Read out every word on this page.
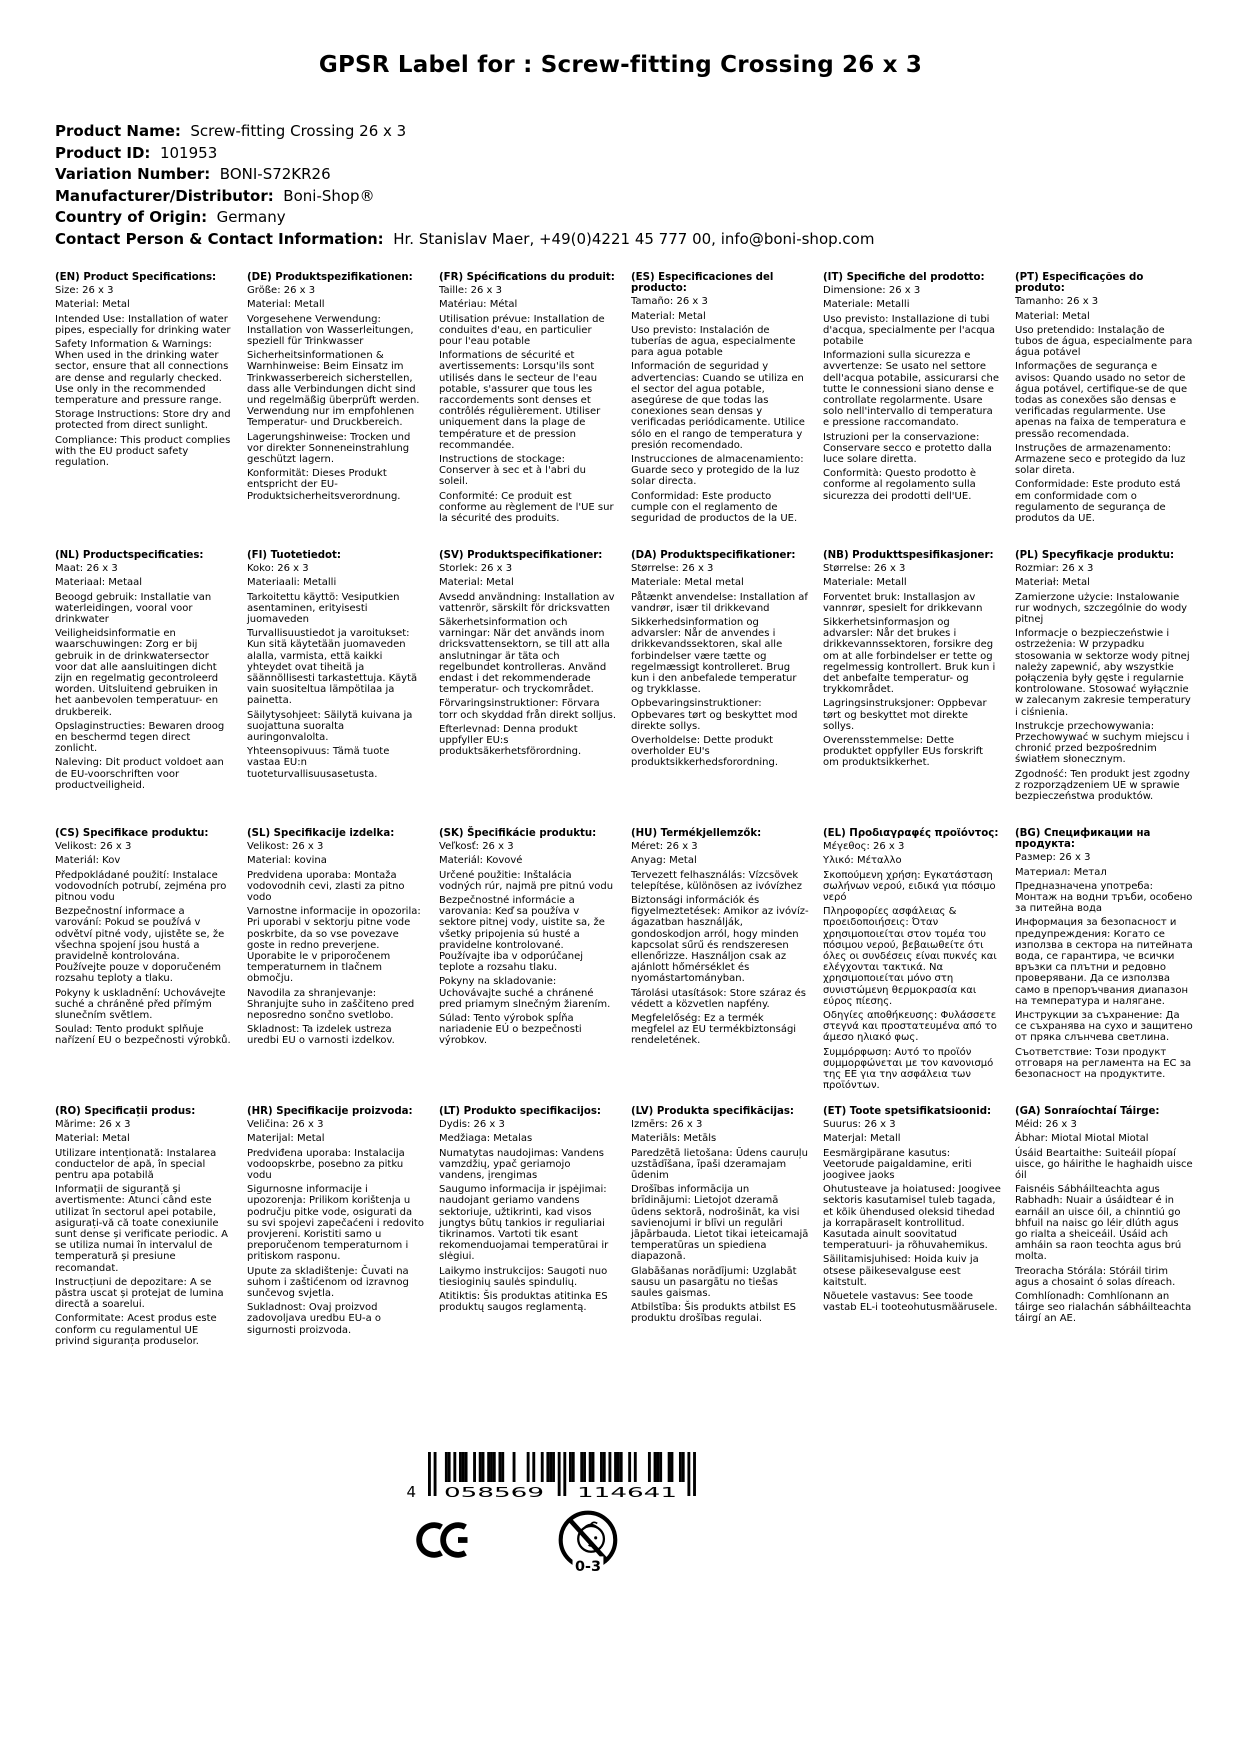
GPSR Label for : Screw-fitting Crossing 26 x 3
Product Name:  Screw-fitting Crossing 26 x 3
Product ID:  101953
Variation Number:  BONI-S72KR26
Manufacturer/Distributor:  Boni-Shop®
Country of Origin:  Germany
Contact Person & Contact Information:  Hr. Stanislav Maer, +49(0)4221 45 777 00, info@boni-shop.com
(EN) Product Specifications:
Size: 26 x 3
Material: Metal
Intended Use: Installation of water pipes, especially for drinking water
Safety Information & Warnings: When used in the drinking water sector, ensure that all connections are dense and regularly checked. Use only in the recommended temperature and pressure range.
Storage Instructions: Store dry and protected from direct sunlight.
Compliance: This product complies with the EU product safety regulation.
(DE) Produktspezifikationen:
Größe: 26 x 3
Material: Metall
Vorgesehene Verwendung: Installation von Wasserleitungen, speziell für Trinkwasser
Sicherheitsinformationen & Warnhinweise: Beim Einsatz im Trinkwasserbereich sicherstellen, dass alle Verbindungen dicht sind und regelmäßig überprüft werden. Verwendung nur im empfohlenen Temperatur- und Druckbereich.
Lagerungshinweise: Trocken und vor direkter Sonneneinstrahlung geschützt lagern.
Konformität: Dieses Produkt entspricht der EU-Produktsicherheitsverordnung.
(FR) Spécifications du produit:
Taille: 26 x 3
Matériau: Métal
Utilisation prévue: Installation de conduites d'eau, en particulier pour l'eau potable
Informations de sécurité et avertissements: Lorsqu'ils sont utilisés dans le secteur de l'eau potable, s'assurer que tous les raccordements sont denses et contrôlés régulièrement. Utiliser uniquement dans la plage de température et de pression recommandée.
Instructions de stockage: Conserver à sec et à l'abri du soleil.
Conformité: Ce produit est conforme au règlement de l'UE sur la sécurité des produits.
(ES) Especificaciones del producto:
Tamaño: 26 x 3
Material: Metal
Uso previsto: Instalación de tuberías de agua, especialmente para agua potable
Información de seguridad y advertencias: Cuando se utiliza en el sector del agua potable, asegúrese de que todas las conexiones sean densas y verificadas periódicamente. Utilice sólo en el rango de temperatura y presión recomendado.
Instrucciones de almacenamiento: Guarde seco y protegido de la luz solar directa.
Conformidad: Este producto cumple con el reglamento de seguridad de productos de la UE.
(IT) Specifiche del prodotto:
Dimensione: 26 x 3
Materiale: Metalli
Uso previsto: Installazione di tubi d'acqua, specialmente per l'acqua potabile
Informazioni sulla sicurezza e avvertenze: Se usato nel settore dell'acqua potabile, assicurarsi che tutte le connessioni siano dense e controllate regolarmente. Usare solo nell'intervallo di temperatura e pressione raccomandato.
Istruzioni per la conservazione: Conservare secco e protetto dalla luce solare diretta.
Conformità: Questo prodotto è conforme al regolamento sulla sicurezza dei prodotti dell'UE.
(PT) Especificações do produto:
Tamanho: 26 x 3
Material: Metal
Uso pretendido: Instalação de tubos de água, especialmente para água potável
Informações de segurança e avisos: Quando usado no setor de água potável, certifique-se de que todas as conexões são densas e verificadas regularmente. Use apenas na faixa de temperatura e pressão recomendada.
Instruções de armazenamento: Armazene seco e protegido da luz solar direta.
Conformidade: Este produto está em conformidade com o regulamento de segurança de produtos da UE.
(NL) Productspecificaties:
Maat: 26 x 3
Materiaal: Metaal
Beoogd gebruik: Installatie van waterleidingen, vooral voor drinkwater
Veiligheidsinformatie en waarschuwingen: Zorg er bij gebruik in de drinkwatersector voor dat alle aansluitingen dicht zijn en regelmatig gecontroleerd worden. Uitsluitend gebruiken in het aanbevolen temperatuur- en drukbereik.
Opslaginstructies: Bewaren droog en beschermd tegen direct zonlicht.
Naleving: Dit product voldoet aan de EU-voorschriften voor productveiligheid.
(FI) Tuotetiedot:
Koko: 26 x 3
Materiaali: Metalli
Tarkoitettu käyttö: Vesiputkien asentaminen, erityisesti juomaveden
Turvallisuustiedot ja varoitukset: Kun sitä käytetään juomaveden alalla, varmista, että kaikki yhteydet ovat tiheitä ja säännöllisesti tarkastettuja. Käytä vain suositeltua lämpötilaa ja painetta.
Säilytysohjeet: Säilytä kuivana ja suojattuna suoralta auringonvalolta.
Yhteensopivuus: Tämä tuote vastaa EU:n tuoteturvallisuusasetusta.
(SV) Produktspecifikationer:
Storlek: 26 x 3
Material: Metal
Avsedd användning: Installation av vattenrör, särskilt för dricksvatten
Säkerhetsinformation och varningar: När det används inom dricksvattensektorn, se till att alla anslutningar är täta och regelbundet kontrolleras. Använd endast i det rekommenderade temperatur- och tryckområdet.
Förvaringsinstruktioner: Förvara torr och skyddad från direkt solljus.
Efterlevnad: Denna produkt uppfyller EU:s produktsäkerhetsförordning.
(DA) Produktspecifikationer:
Størrelse: 26 x 3
Materiale: Metal metal
Påtænkt anvendelse: Installation af vandrør, især til drikkevand
Sikkerhedsinformation og advarsler: Når de anvendes i drikkevandssektoren, skal alle forbindelser være tætte og regelmæssigt kontrolleret. Brug kun i den anbefalede temperatur og trykklasse.
Opbevaringsinstruktioner: Opbevares tørt og beskyttet mod direkte sollys.
Overholdelse: Dette produkt overholder EU's produktsikkerhedsforordning.
(NB) Produkttspesifikasjoner:
Størrelse: 26 x 3
Materiale: Metall
Forventet bruk: Installasjon av vannrør, spesielt for drikkevann
Sikkerhetsinformasjon og advarsler: Når det brukes i drikkevannssektoren, forsikre deg om at alle forbindelser er tette og regelmessig kontrollert. Bruk kun i det anbefalte temperatur- og trykkområdet.
Lagringsinstruksjoner: Oppbevar tørt og beskyttet mot direkte sollys.
Overensstemmelse: Dette produktet oppfyller EUs forskrift om produktsikkerhet.
(PL) Specyfikacje produktu:
Rozmiar: 26 x 3
Materiał: Metal
Zamierzone użycie: Instalowanie rur wodnych, szczególnie do wody pitnej
Informacje o bezpieczeństwie i ostrzeżenia: W przypadku stosowania w sektorze wody pitnej należy zapewnić, aby wszystkie połączenia były gęste i regularnie kontrolowane. Stosować wyłącznie w zalecanym zakresie temperatury i ciśnienia.
Instrukcje przechowywania: Przechowywać w suchym miejscu i chronić przed bezpośrednim światłem słonecznym.
Zgodność: Ten produkt jest zgodny z rozporządzeniem UE w sprawie bezpieczeństwa produktów.
(CS) Specifikace produktu:
Velikost: 26 x 3
Materiál: Kov
Předpokládané použití: Instalace vodovodních potrubí, zejména pro pitnou vodu
Bezpečnostní informace a varování: Pokud se používá v odvětví pitné vody, ujistěte se, že všechna spojení jsou hustá a pravidelně kontrolována. Používejte pouze v doporučeném rozsahu teploty a tlaku.
Pokyny k uskladnění: Uchovávejte suché a chráněné před přímým slunečním světlem.
Soulad: Tento produkt splňuje nařízení EU o bezpečnosti výrobků.
(SL) Specifikacije izdelka:
Velikost: 26 x 3
Material: kovina
Predvidena uporaba: Montaža vodovodnih cevi, zlasti za pitno vodo
Varnostne informacije in opozorila: Pri uporabi v sektorju pitne vode poskrbite, da so vse povezave goste in redno preverjene. Uporabite le v priporočenem temperaturnem in tlačnem območju.
Navodila za shranjevanje: Shranjujte suho in zaščiteno pred neposredno sončno svetlobo.
Skladnost: Ta izdelek ustreza uredbi EU o varnosti izdelkov.
(SK) Špecifikácie produktu:
Veľkosť: 26 x 3
Materiál: Kovové
Určené použitie: Inštalácia vodných rúr, najmä pre pitnú vodu
Bezpečnostné informácie a varovania: Keď sa používa v sektore pitnej vody, uistite sa, že všetky pripojenia sú husté a pravidelne kontrolované. Používajte iba v odporúčanej teplote a rozsahu tlaku.
Pokyny na skladovanie: Uchovávajte suché a chránené pred priamym slnečným žiarením.
Súlad: Tento výrobok spĺňa nariadenie EÚ o bezpečnosti výrobkov.
(HU) Termékjellemzők:
Méret: 26 x 3
Anyag: Metal
Tervezett felhasználás: Vízcsövek telepítése, különösen az ivóvízhez
Biztonsági információk és figyelmeztetések: Amikor az ivóvíz-ágazatban használják, gondoskodjon arról, hogy minden kapcsolat sűrű és rendszeresen ellenőrizze. Használjon csak az ajánlott hőmérséklet és nyomástartományban.
Tárolási utasítások: Store száraz és védett a közvetlen napfény.
Megfelelőség: Ez a termék megfelel az EU termékbiztonsági rendeletének.
(EL) Προδιαγραφές προϊόντος:
Μέγεθος: 26 x 3
Υλικό: Μέταλλο
Σκοπούμενη χρήση: Εγκατάσταση σωλήνων νερού, ειδικά για πόσιμο νερό
Πληροφορίες ασφάλειας & προειδοποιήσεις: Όταν χρησιμοποιείται στον τομέα του πόσιμου νερού, βεβαιωθείτε ότι όλες οι συνδέσεις είναι πυκνές και ελέγχονται τακτικά. Να χρησιμοποιείται μόνο στη συνιστώμενη θερμοκρασία και εύρος πίεσης.
Οδηγίες αποθήκευσης: Φυλάσσετε στεγνά και προστατευμένα από το άμεσο ηλιακό φως.
Συμμόρφωση: Αυτό το προϊόν συμμορφώνεται με τον κανονισμό της ΕΕ για την ασφάλεια των προϊόντων.
(BG) Спецификации на продукта:
Размер: 26 x 3
Материал: Метал
Предназначена употреба: Монтаж на водни тръби, особено за питейна вода
Информация за безопасност и предупреждения: Когато се използва в сектора на питейната вода, се гарантира, че всички връзки са плътни и редовно проверявани. Да се използва само в препоръчвания диапазон на температура и налягане.
Инструкции за съхранение: Да се съхранява на сухо и защитено от пряка слънчева светлина.
Съответствие: Този продукт отговаря на регламента на ЕС за безопасност на продуктите.
(RO) Specificații produs:
Mărime: 26 x 3
Material: Metal
Utilizare intenționată: Instalarea conductelor de apă, în special pentru apa potabilă
Informații de siguranță și avertismente: Atunci când este utilizat în sectorul apei potabile, asigurați-vă că toate conexiunile sunt dense și verificate periodic. A se utiliza numai în intervalul de temperatură și presiune recomandat.
Instrucțiuni de depozitare: A se păstra uscat și protejat de lumina directă a soarelui.
Conformitate: Acest produs este conform cu regulamentul UE privind siguranța produselor.
(HR) Specifikacije proizvoda:
Veličina: 26 x 3
Materijal: Metal
Predviđena uporaba: Instalacija vodoopskrbe, posebno za pitku vodu
Sigurnosne informacije i upozorenja: Prilikom korištenja u području pitke vode, osigurati da su svi spojevi zapečaćeni i redovito provjereni. Koristiti samo u preporučenom temperaturnom i pritiskom rasponu.
Upute za skladištenje: Čuvati na suhom i zaštićenom od izravnog sunčevog svjetla.
Sukladnost: Ovaj proizvod zadovoljava uredbu EU-a o sigurnosti proizvoda.
(LT) Produkto specifikacijos:
Dydis: 26 x 3
Medžiaga: Metalas
Numatytas naudojimas: Vandens vamzdžių, ypač geriamojo vandens, įrengimas
Saugumo informacija ir įspėjimai: naudojant geriamo vandens sektoriuje, užtikrinti, kad visos jungtys būtų tankios ir reguliariai tikrinamos. Vartoti tik esant rekomenduojamai temperatūrai ir slėgiui.
Laikymo instrukcijos: Saugoti nuo tiesioginių saulės spindulių.
Atitiktis: Šis produktas atitinka ES produktų saugos reglamentą.
(LV) Produkta specifikācijas:
Izmērs: 26 x 3
Materiāls: Metāls
Paredzētā lietošana: Ūdens cauruļu uzstādīšana, īpaši dzeramajam ūdenim
Drošības informācija un brīdinājumi: Lietojot dzeramā ūdens sektorā, nodrošināt, ka visi savienojumi ir blīvi un regulāri jāpārbauda. Lietot tikai ieteicamajā temperatūras un spiediena diapazonā.
Glabāšanas norādījumi: Uzglabāt sausu un pasargātu no tiešas saules gaismas.
Atbilstība: Šis produkts atbilst ES produktu drošības regulai.
(ET) Toote spetsifikatsioonid:
Suurus: 26 x 3
Materjal: Metall
Eesmärgipärane kasutus: Veetorude paigaldamine, eriti joogivee jaoks
Ohutusteave ja hoiatused: Joogivee sektoris kasutamisel tuleb tagada, et kõik ühendused oleksid tihedad ja korrapäraselt kontrollitud. Kasutada ainult soovitatud temperatuuri- ja rõhuvahemikus.
Säilitamisjuhised: Hoida kuiv ja otsese päikesevalguse eest kaitstult.
Nõuetele vastavus: See toode vastab EL-i tooteohutusmäärusele.
(GA) Sonraíochtaí Táirge:
Méid: 26 x 3
Ábhar: Miotal Miotal Miotal
Úsáid Beartaithe: Suiteáil píopaí uisce, go háirithe le haghaidh uisce óil
Faisnéis Sábháilteachta agus Rabhadh: Nuair a úsáidtear é in earnáil an uisce óil, a chinntiú go bhfuil na naisc go léir dlúth agus go rialta a sheiceáil. Úsáid ach amháin sa raon teochta agus brú molta.
Treoracha Stórála: Stóráil tirim agus a chosaint ó solas díreach.
Comhlíonadh: Comhlíonann an táirge seo rialachán sábháilteachta táirgí an AE.
4 058569 114641
0-3
